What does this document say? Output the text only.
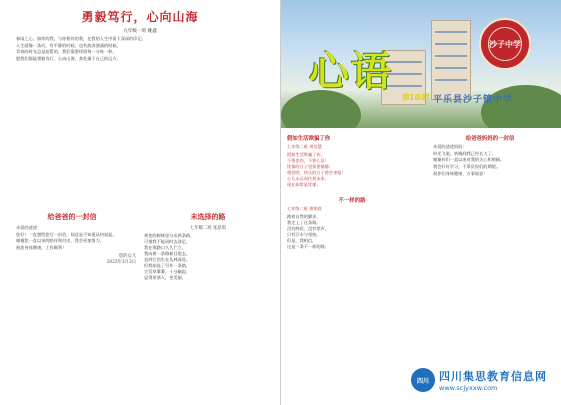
勇毅笃行，心向山海
九年级一班 姚鑫

春雨之心，如你的我，与你相伴的我，在我的人生中留下深深的印记。

人生就像一条河，有平静的时候，也有波涛汹涌的时候。

青春的时光总是短暂的，我们需要珍惜每一分每一秒。

愿我们都能勇毅笃行，心向山海，奔赴属于自己的远方。

给爸爸的一封信

亲爱的爸爸：

您好！一直想给您写一封信，却总是不知道从何说起。

谢谢您一直以来的陪伴和付出，我会更加努力。

祝您身体健康，工作顺利！

您的女儿
2023年3月2日
未选择的路
七年级二班 张思琪
黄色的树林里分出两条路，
可惜我不能同时去涉足，
我在那路口久久伫立，
我向着一条路极目望去，
直到它消失在丛林深处。
但我却选了另外一条路，
它荒草萋萋，十分幽寂，
显得更诱人，更美丽。
心语
第10期 平乐县沙子镇中学
沙子中学
假如生活欺骗了你
七年级二班 周佳慧
假如生活欺骗了你，
不要悲伤，不要心急！
忧郁的日子里须要镇静：
相信吧，快乐的日子将会来临！
心儿永远向往着未来，
现在却常是忧郁。
不一样的路
七年级二班 唐铭欣
踏着自然的脚步，
我走上了这条路。
没有鲜花，没有掌声，
只有汗水与坚持。
但是，我相信，
这是一条不一样的路。
给爸爸妈妈的一封信

亲爱的爸爸妈妈：

时光飞逝，转眼间我已经长大了。

谢谢你们一直以来对我的关心和照顾。

我会好好学习，不辜负你们的期望。

祝你们身体健康，万事如意！

四川 四川集思教育信息网
www.scjyxxw.com
